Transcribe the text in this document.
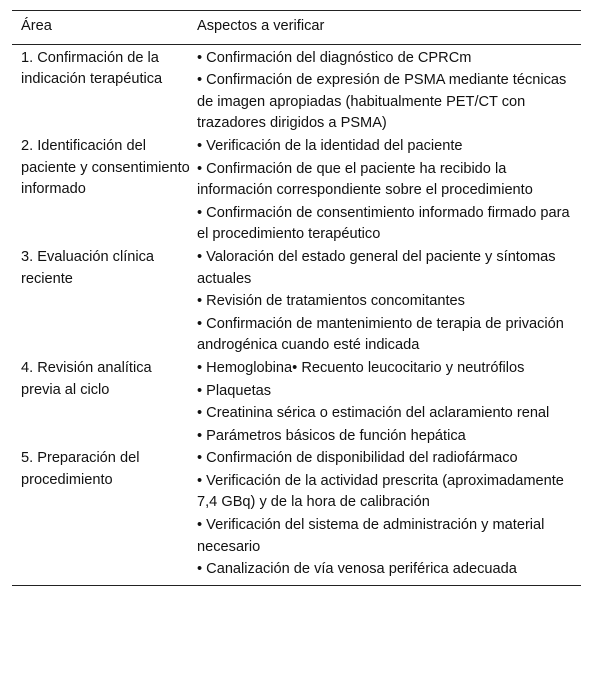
Área	Aspectos a verificar
1. Confirmación de la indicación terapéutica	• Confirmación del diagnóstico de CPRCm
• Confirmación de expresión de PSMA mediante técnicas de imagen apropiadas (habitualmente PET/CT con trazadores dirigidos a PSMA)

2. Identificación del paciente y consentimiento informado	• Verificación de la identidad del paciente
• Confirmación de que el paciente ha recibido la información correspondiente sobre el procedimiento
• Confirmación de consentimiento informado firmado para el procedimiento terapéutico

3. Evaluación clínica reciente	• Valoración del estado general del paciente y síntomas actuales
• Revisión de tratamientos concomitantes
• Confirmación de mantenimiento de terapia de privación androgénica cuando esté indicada

4. Revisión analítica previa al ciclo	• Hemoglobina• Recuento leucocitario y neutrófilos
• Plaquetas
• Creatinina sérica o estimación del aclaramiento renal
• Parámetros básicos de función hepática

5. Preparación del procedimiento	• Confirmación de disponibilidad del radiofármaco
• Verificación de la actividad prescrita (aproximadamente 7,4 GBq) y de la hora de calibración
• Verificación del sistema de administración y material necesario
• Canalización de vía venosa periférica adecuada
